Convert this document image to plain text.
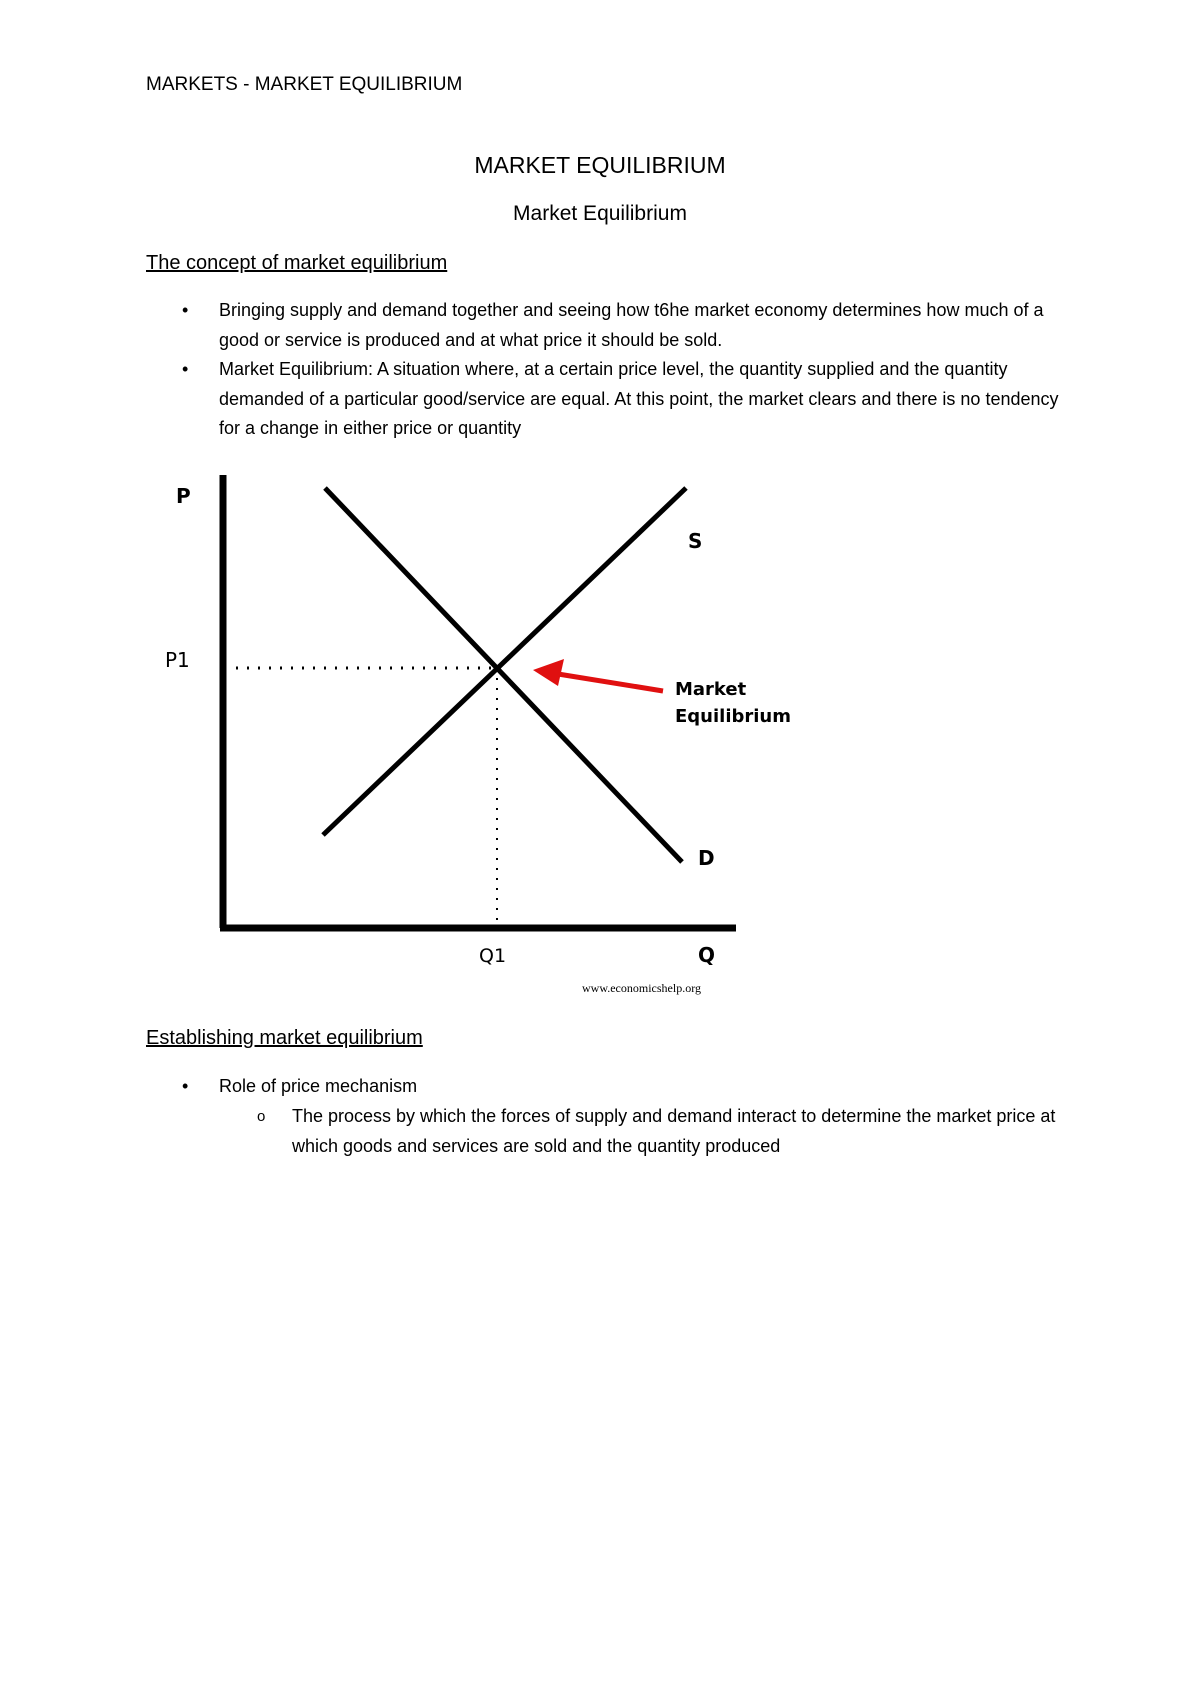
MARKETS - MARKET EQUILIBRIUM
MARKET EQUILIBRIUM
Market Equilibrium
The concept of market equilibrium
• Bringing supply and demand together and seeing how t6he market economy determines how much of a good or service is produced and at what price it should be sold.
• Market Equilibrium: A situation where, at a certain price level, the quantity supplied and the quantity demanded of a particular good/service are equal. At this point, the market clears and there is no tendency for a change in either price or quantity
P
P1
S
D
Market
Equilibrium
Q1	Q
www.economicshelp.org
Establishing market equilibrium
• Role of price mechanism
o The process by which the forces of supply and demand interact to determine the market price at which goods and services are sold and the quantity produced
